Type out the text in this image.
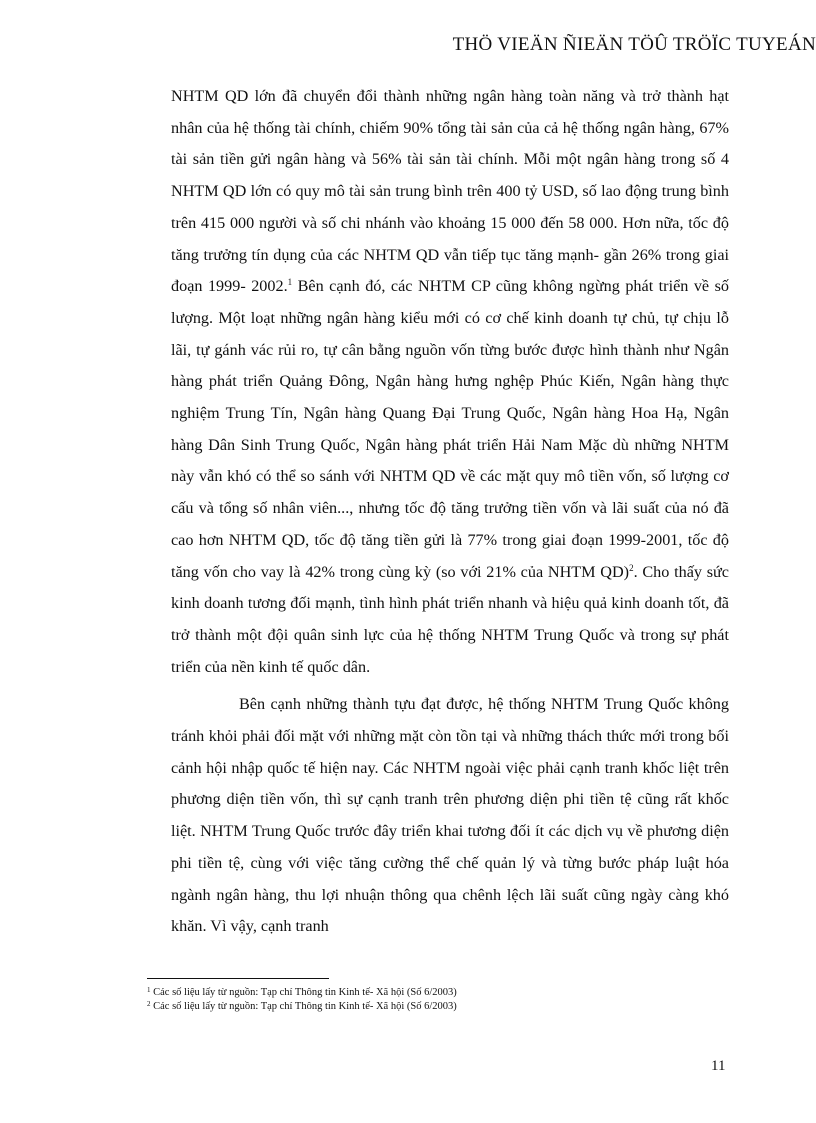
THÖ VIEÄN ÑIEÄN TÖÛ TRÖÏC TUYEÁN

NHTM QD lớn đã chuyển đổi thành những ngân hàng toàn năng và trở thành hạt nhân của hệ thống tài chính, chiếm 90% tổng tài sản của cả hệ thống ngân hàng, 67% tài sản tiền gửi ngân hàng và 56% tài sản tài chính. Mỗi một ngân hàng trong số 4 NHTM QD lớn có quy mô tài sản trung bình trên 400 tỷ USD, số lao động trung bình trên 415 000 người và số chi nhánh vào khoảng 15 000 đến 58 000. Hơn nữa, tốc độ tăng trưởng tín dụng của các NHTM QD vẫn tiếp tục tăng mạnh- gần 26% trong giai đoạn 1999- 2002.$^1$ Bên cạnh đó, các NHTM CP cũng không ngừng phát triển về số lượng. Một loạt những ngân hàng kiểu mới có cơ chế kinh doanh tự chủ, tự chịu lỗ lãi, tự gánh vác rủi ro, tự cân bằng nguồn vốn từng bước được hình thành như Ngân hàng phát triển Quảng Đông, Ngân hàng hưng nghệp Phúc Kiến, Ngân hàng thực nghiệm Trung Tín, Ngân hàng Quang Đại Trung Quốc, Ngân hàng Hoa Hạ, Ngân hàng Dân Sinh Trung Quốc, Ngân hàng phát triển Hải Nam Mặc dù những NHTM này vẫn khó có thể so sánh với NHTM QD về các mặt quy mô tiền vốn, số lượng cơ cấu và tổng số nhân viên..., nhưng tốc độ tăng trưởng tiền vốn và lãi suất của nó đã cao hơn NHTM QD, tốc độ tăng tiền gửi là 77% trong giai đoạn 1999-2001, tốc độ tăng vốn cho vay là 42% trong cùng kỳ (so với 21% của NHTM QD)$^2$. Cho thấy sức kinh doanh tương đối mạnh, tình hình phát triển nhanh và hiệu quả kinh doanh tốt, đã trở thành một đội quân sinh lực của hệ thống NHTM Trung Quốc và trong sự phát triển của nền kinh tế quốc dân.

Bên cạnh những thành tựu đạt được, hệ thống NHTM Trung Quốc không tránh khỏi phải đối mặt với những mặt còn tồn tại và những thách thức mới trong bối cảnh hội nhập quốc tế hiện nay. Các NHTM ngoài việc phải cạnh tranh khốc liệt trên phương diện tiền vốn, thì sự cạnh tranh trên phương diện phi tiền tệ cũng rất khốc liệt. NHTM Trung Quốc trước đây triển khai tương đối ít các dịch vụ về phương diện phi tiền tệ, cùng với việc tăng cường thể chế quản lý và từng bước pháp luật hóa ngành ngân hàng, thu lợi nhuận thông qua chênh lệch lãi suất cũng ngày càng khó khăn. Vì vậy, cạnh tranh

$^1$ Các số liệu lấy từ nguồn: Tạp chí Thông tin Kinh tế- Xã hội (Số 6/2003)
$^2$ Các số liệu lấy từ nguồn: Tạp chí Thông tin Kinh tế- Xã hội (Số 6/2003)
11
